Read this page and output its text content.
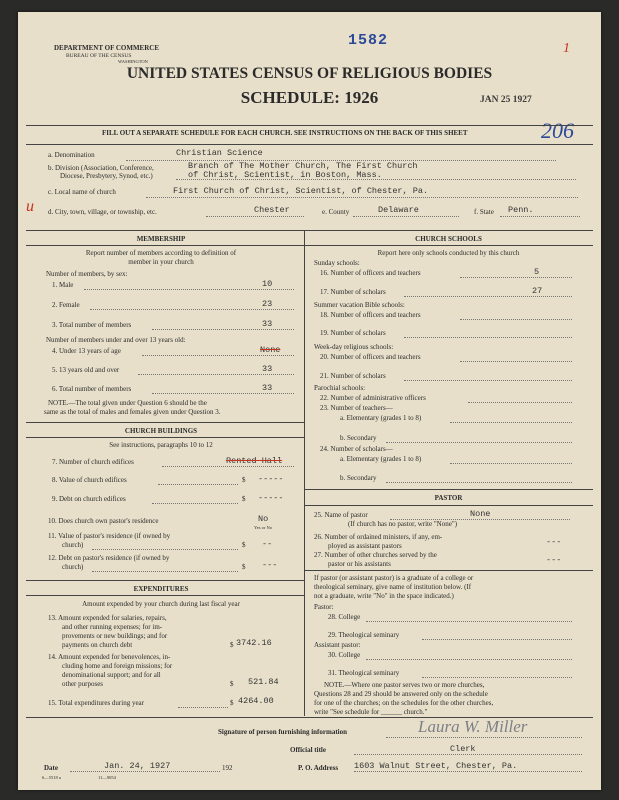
DEPARTMENT OF COMMERCE
BUREAU OF THE CENSUS
WASHINGTON
1582	1
UNITED STATES CENSUS OF RELIGIOUS BODIES
SCHEDULE: 1926	JAN 25 1927
206
FILL OUT A SEPARATE SCHEDULE FOR EACH CHURCH. SEE INSTRUCTIONS ON THE BACK OF THIS SHEET
a. Denomination	Christian Science
b. Division (Association, Conference,
Diocese, Presbytery, Synod, etc.)
Branch of The Mother Church, The First Church
of Christ, Scientist, in Boston, Mass.
c. Local name of church	First Church of Christ, Scientist, of Chester, Pa.
u d. City, town, village, or township, etc.	Chester	e. County	Delaware	f. State Penn.
MEMBERSHIP
Report number of members according to definition of
member in your church
Number of members, by sex:
1. Male	10
2. Female	23
3. Total number of members	33
Number of members under and over 13 years old:
4. Under 13 years of age	None
5. 13 years old and over	33
6. Total number of members	33
NOTE.—The total given under Question 6 should be the
same as the total of males and females given under Question 3.
CHURCH BUILDINGS
See instructions, paragraphs 10 to 12
7. Number of church edifices	Rented Hall
8. Value of church edifices	$ -----
9. Debt on church edifices	$ -----
10. Does church own pastor's residence	No
Yes or No
11. Value of pastor's residence (if owned by
church)	$ --
12. Debt on pastor's residence (if owned by
church)	$ ---
EXPENDITURES
Amount expended by your church during last fiscal year
13. Amount expended for salaries, repairs,
and other running expenses; for im-
provements or new buildings; and for
payments on church debt	$ 3742.16
14. Amount expended for benevolences, in-
cluding home and foreign missions; for
denominational support; and for all
other purposes	$ 521.84
15. Total expenditures during year	$ 4264.00
CHURCH SCHOOLS
Report here only schools conducted by this church
Sunday schools:
16. Number of officers and teachers	5
17. Number of scholars	27
Summer vacation Bible schools:
18. Number of officers and teachers
19. Number of scholars
Week-day religious schools:
20. Number of officers and teachers
21. Number of scholars
Parochial schools:
22. Number of administrative officers
23. Number of teachers—
a. Elementary (grades 1 to 8)
b. Secondary
24. Number of scholars—
a. Elementary (grades 1 to 8)
b. Secondary
PASTOR
25. Name of pastor	None
(If church has no pastor, write "None")
26. Number of ordained ministers, if any, em-
ployed as assistant pastors	---
27. Number of other churches served by the
pastor or his assistants	---
If pastor (or assistant pastor) is a graduate of a college or
theological seminary, give name of institution below. (If
not a graduate, write "No" in the space indicated.)
Pastor:
28. College
29. Theological seminary
Assistant pastor:
30. College
31. Theological seminary
NOTE.—Where one pastor serves two or more churches,
Questions 28 and 29 should be answered only on the schedule
for one of the churches; on the schedules for the other churches,
write "See schedule for ______ church."
Signature of person furnishing information	Laura W. Miller
Official title	Clerk
Date	Jan. 24, 1927	192	P. O. Address 1603 Walnut Street, Chester, Pa.
6—5518 a	11—9054
